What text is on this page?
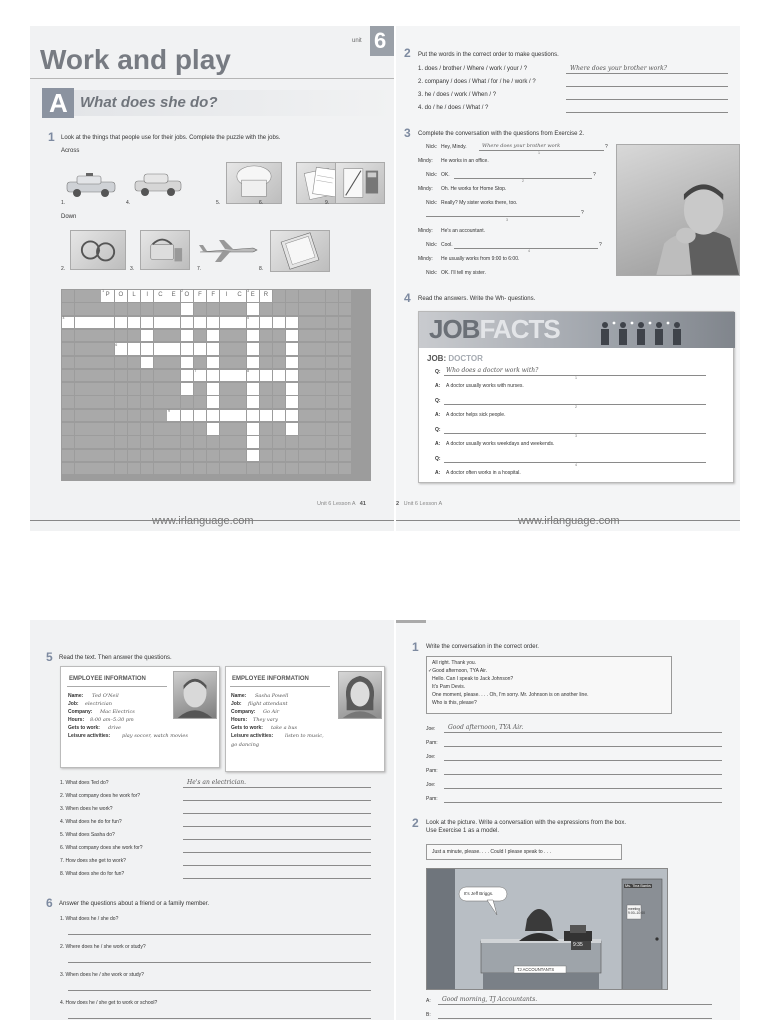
unit 6
Work and play
A What does she do?
1 Look at the things that people use for their jobs. Complete the puzzle with the jobs.
Across
1.	4.	5.	6.	9.
Down
2.	3.	7.	8.
P
1
O	L	I	C	E	O
2
F	F	I	C	E
3
R
4	5
6
7	8
9
Unit 6 Lesson A 41
www.irlanguage.com
2 Put the words in the correct order to make questions.
1. does / brother / Where / work / your / ?	Where does your brother work?
2. company / does / What / for / he / work / ?
3. he / does / work / When / ?
4. do / he / does / What / ?
3 Complete the conversation with the questions from Exercise 2.
Nick: Hey, Mindy.	Where does your brother work	?
1
Mindy: He works in an office.
Nick: OK.	?
2
Mindy: Oh. He works for Home Stop.
Nick: Really? My sister works there, too.
?
3
Mindy: He's an accountant.
Nick: Cool.	?
4
Mindy: He usually works from 9:00 to 6:00.
Nick: OK. I'll tell my sister.
4 Read the answers. Write the Wh- questions.
JOBFACTS
JOB: DOCTOR
Q: Who does a doctor work with?
1
A: A doctor usually works with nurses.
Q:
2
A: A doctor helps sick people.
Q:
3
A: A doctor usually works weekdays and weekends.
Q:
4
A: A doctor often works in a hospital.
2 Unit 6 Lesson A
www.irlanguage.com
5 Read the text. Then answer the questions.
EMPLOYEE INFORMATION
Name: Ted O'Neil
Job: electrician
Company: Mac Electrics
Hours: 8:00 am–5:30 pm
Gets to work: drive
Leisure activities: play soccer, watch movies
EMPLOYEE INFORMATION
Name: Sasha Powell
Job: flight attendant
Company: Go Air
Hours: They vary
Gets to work: take a bus
Leisure activities: listen to music,
go dancing
1. What does Ted do?	He's an electrician.
2. What company does he work for?
3. When does he work?
4. What does he do for fun?
5. What does Sasha do?
6. What company does she work for?
7. How does she get to work?
8. What does she do for fun?
6 Answer the questions about a friend or a family member.
1. What does he / she do?
2. Where does he / she work or study?
3. When does he / she work or study?
4. How does he / she get to work or school?
1 Write the conversation in the correct order.
All right. Thank you.
✓Good afternoon, TYA Air.
Hello. Can I speak to Jack Johnson?
It's Pam Devis.
One moment, please. . . . Oh, I'm sorry. Mr. Johnson is on another line.
Who is this, please?
Joe: Good afternoon, TYA Air.
Pam:
Joe:
Pam:
Joe:
Pam:
2 Look at the picture. Write a conversation with the expressions from the box.
Use Exercise 1 as a model.
Just a minute, please. . . . Could I please speak to . . .
It's Jeff Briggs.
Ms. Tina Banks
meeting
9:00–10:00
9:35
TJ ACCOUNTANTS
A: Good morning, TJ Accountants.
B:
